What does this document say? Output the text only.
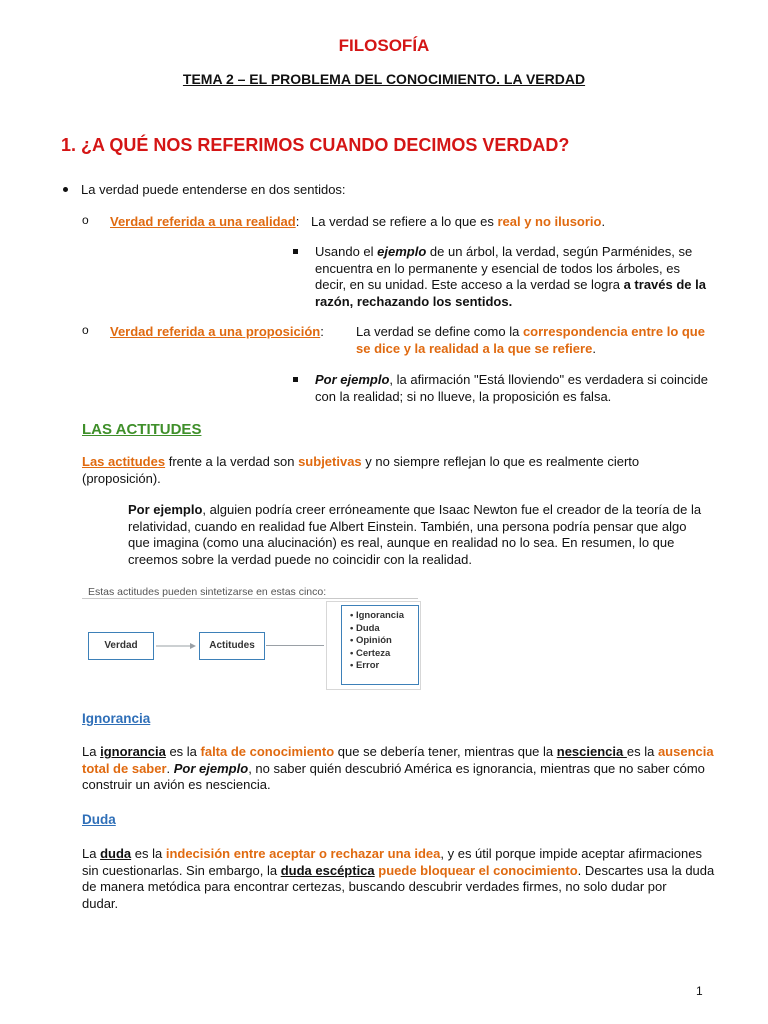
FILOSOFÍA
TEMA 2 – EL PROBLEMA DEL CONOCIMIENTO. LA VERDAD
1. ¿A QUÉ NOS REFERIMOS CUANDO DECIMOS VERDAD?
La verdad puede entenderse en dos sentidos:
o Verdad referida a una realidad: La verdad se refiere a lo que es real y no ilusorio.
Usando el ejemplo de un árbol, la verdad, según Parménides, se
encuentra en lo permanente y esencial de todos los árboles, es
decir, en su unidad. Este acceso a la verdad se logra a través de la
razón, rechazando los sentidos.
o Verdad referida a una proposición: La verdad se define como la correspondencia entre lo que
se dice y la realidad a la que se refiere.
Por ejemplo, la afirmación "Está lloviendo" es verdadera si coincide
con la realidad; si no llueve, la proposición es falsa.
LAS ACTITUDES
Las actitudes frente a la verdad son subjetivas y no siempre reflejan lo que es realmente cierto
(proposición).
Por ejemplo, alguien podría creer erróneamente que Isaac Newton fue el creador de la teoría de la
relatividad, cuando en realidad fue Albert Einstein. También, una persona podría pensar que algo
que imagina (como una alucinación) es real, aunque en realidad no lo sea. En resumen, lo que
creemos sobre la verdad puede no coincidir con la realidad.
Estas actitudes pueden sintetizarse en estas cinco:
Verdad	Actitudes
• Ignorancia
• Duda
• Opinión
• Certeza
• Error
Ignorancia
La ignorancia es la falta de conocimiento que se debería tener, mientras que la nesciencia es la ausencia
total de saber. Por ejemplo, no saber quién descubrió América es ignorancia, mientras que no saber cómo
construir un avión es nesciencia.
Duda
La duda es la indecisión entre aceptar o rechazar una idea, y es útil porque impide aceptar afirmaciones
sin cuestionarlas. Sin embargo, la duda escéptica puede bloquear el conocimiento. Descartes usa la duda
de manera metódica para encontrar certezas, buscando descubrir verdades firmes, no solo dudar por
dudar.
1
